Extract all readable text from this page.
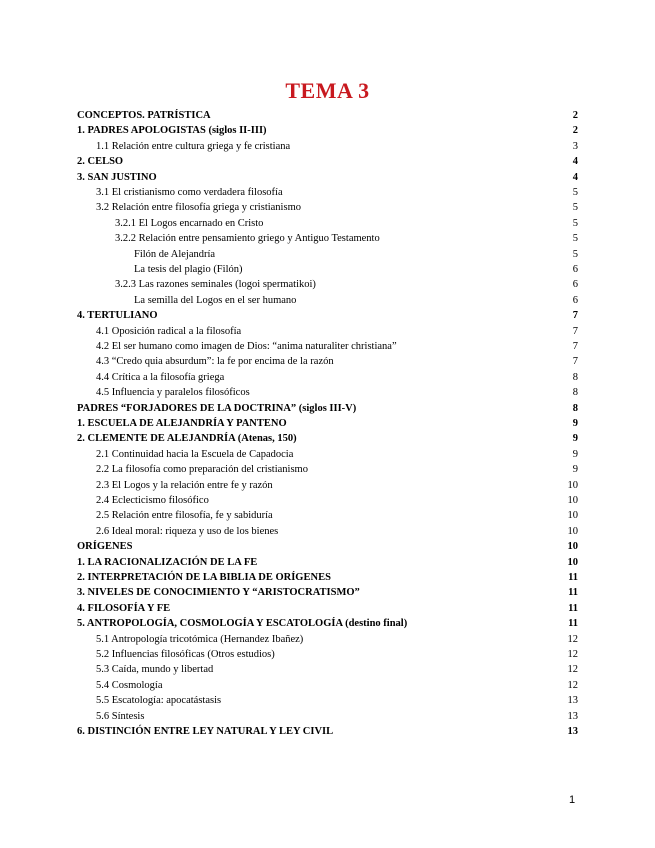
TEMA 3
CONCEPTOS. PATRÍSTICA	2
1. PADRES APOLOGISTAS (siglos II-III)	2
1.1 Relación entre cultura griega y fe cristiana	3
2. CELSO	4
3. SAN JUSTINO	4
3.1 El cristianismo como verdadera filosofía	5
3.2 Relación entre filosofía griega y cristianismo	5
3.2.1 El Logos encarnado en Cristo	5
3.2.2 Relación entre pensamiento griego y Antiguo Testamento	5
Filón de Alejandría	5
La tesis del plagio (Filón)	6
3.2.3 Las razones seminales (logoi spermatikoi)	6
La semilla del Logos en el ser humano	6
4. TERTULIANO	7
4.1 Oposición radical a la filosofía	7
4.2 El ser humano como imagen de Dios: “anima naturaliter christiana”	7
4.3 “Credo quia absurdum”: la fe por encima de la razón	7
4.4 Crítica a la filosofía griega	8
4.5 Influencia y paralelos filosóficos	8
PADRES “FORJADORES DE LA DOCTRINA” (siglos III-V)	8
1. ESCUELA DE ALEJANDRÍA Y PANTENO	9
2. CLEMENTE DE ALEJANDRÍA (Atenas, 150)	9
2.1 Continuidad hacia la Escuela de Capadocia	9
2.2 La filosofía como preparación del cristianismo	9
2.3 El Logos y la relación entre fe y razón	10
2.4 Eclecticismo filosófico	10
2.5 Relación entre filosofía, fe y sabiduría	10
2.6 Ideal moral: riqueza y uso de los bienes	10
ORÍGENES	10
1. LA RACIONALIZACIÓN DE LA FE	10
2. INTERPRETACIÓN DE LA BIBLIA DE ORÍGENES	11
3. NIVELES DE CONOCIMIENTO Y “ARISTOCRATISMO”	11
4. FILOSOFÍA Y FE	11
5. ANTROPOLOGÍA, COSMOLOGÍA Y ESCATOLOGÍA (destino final)	11
5.1 Antropología tricotómica (Hernandez Ibañez)	12
5.2 Influencias filosóficas (Otros estudios)	12
5.3 Caída, mundo y libertad	12
5.4 Cosmología	12
5.5 Escatología: apocatástasis	13
5.6 Síntesis	13
6. DISTINCIÓN ENTRE LEY NATURAL Y LEY CIVIL	13
1
